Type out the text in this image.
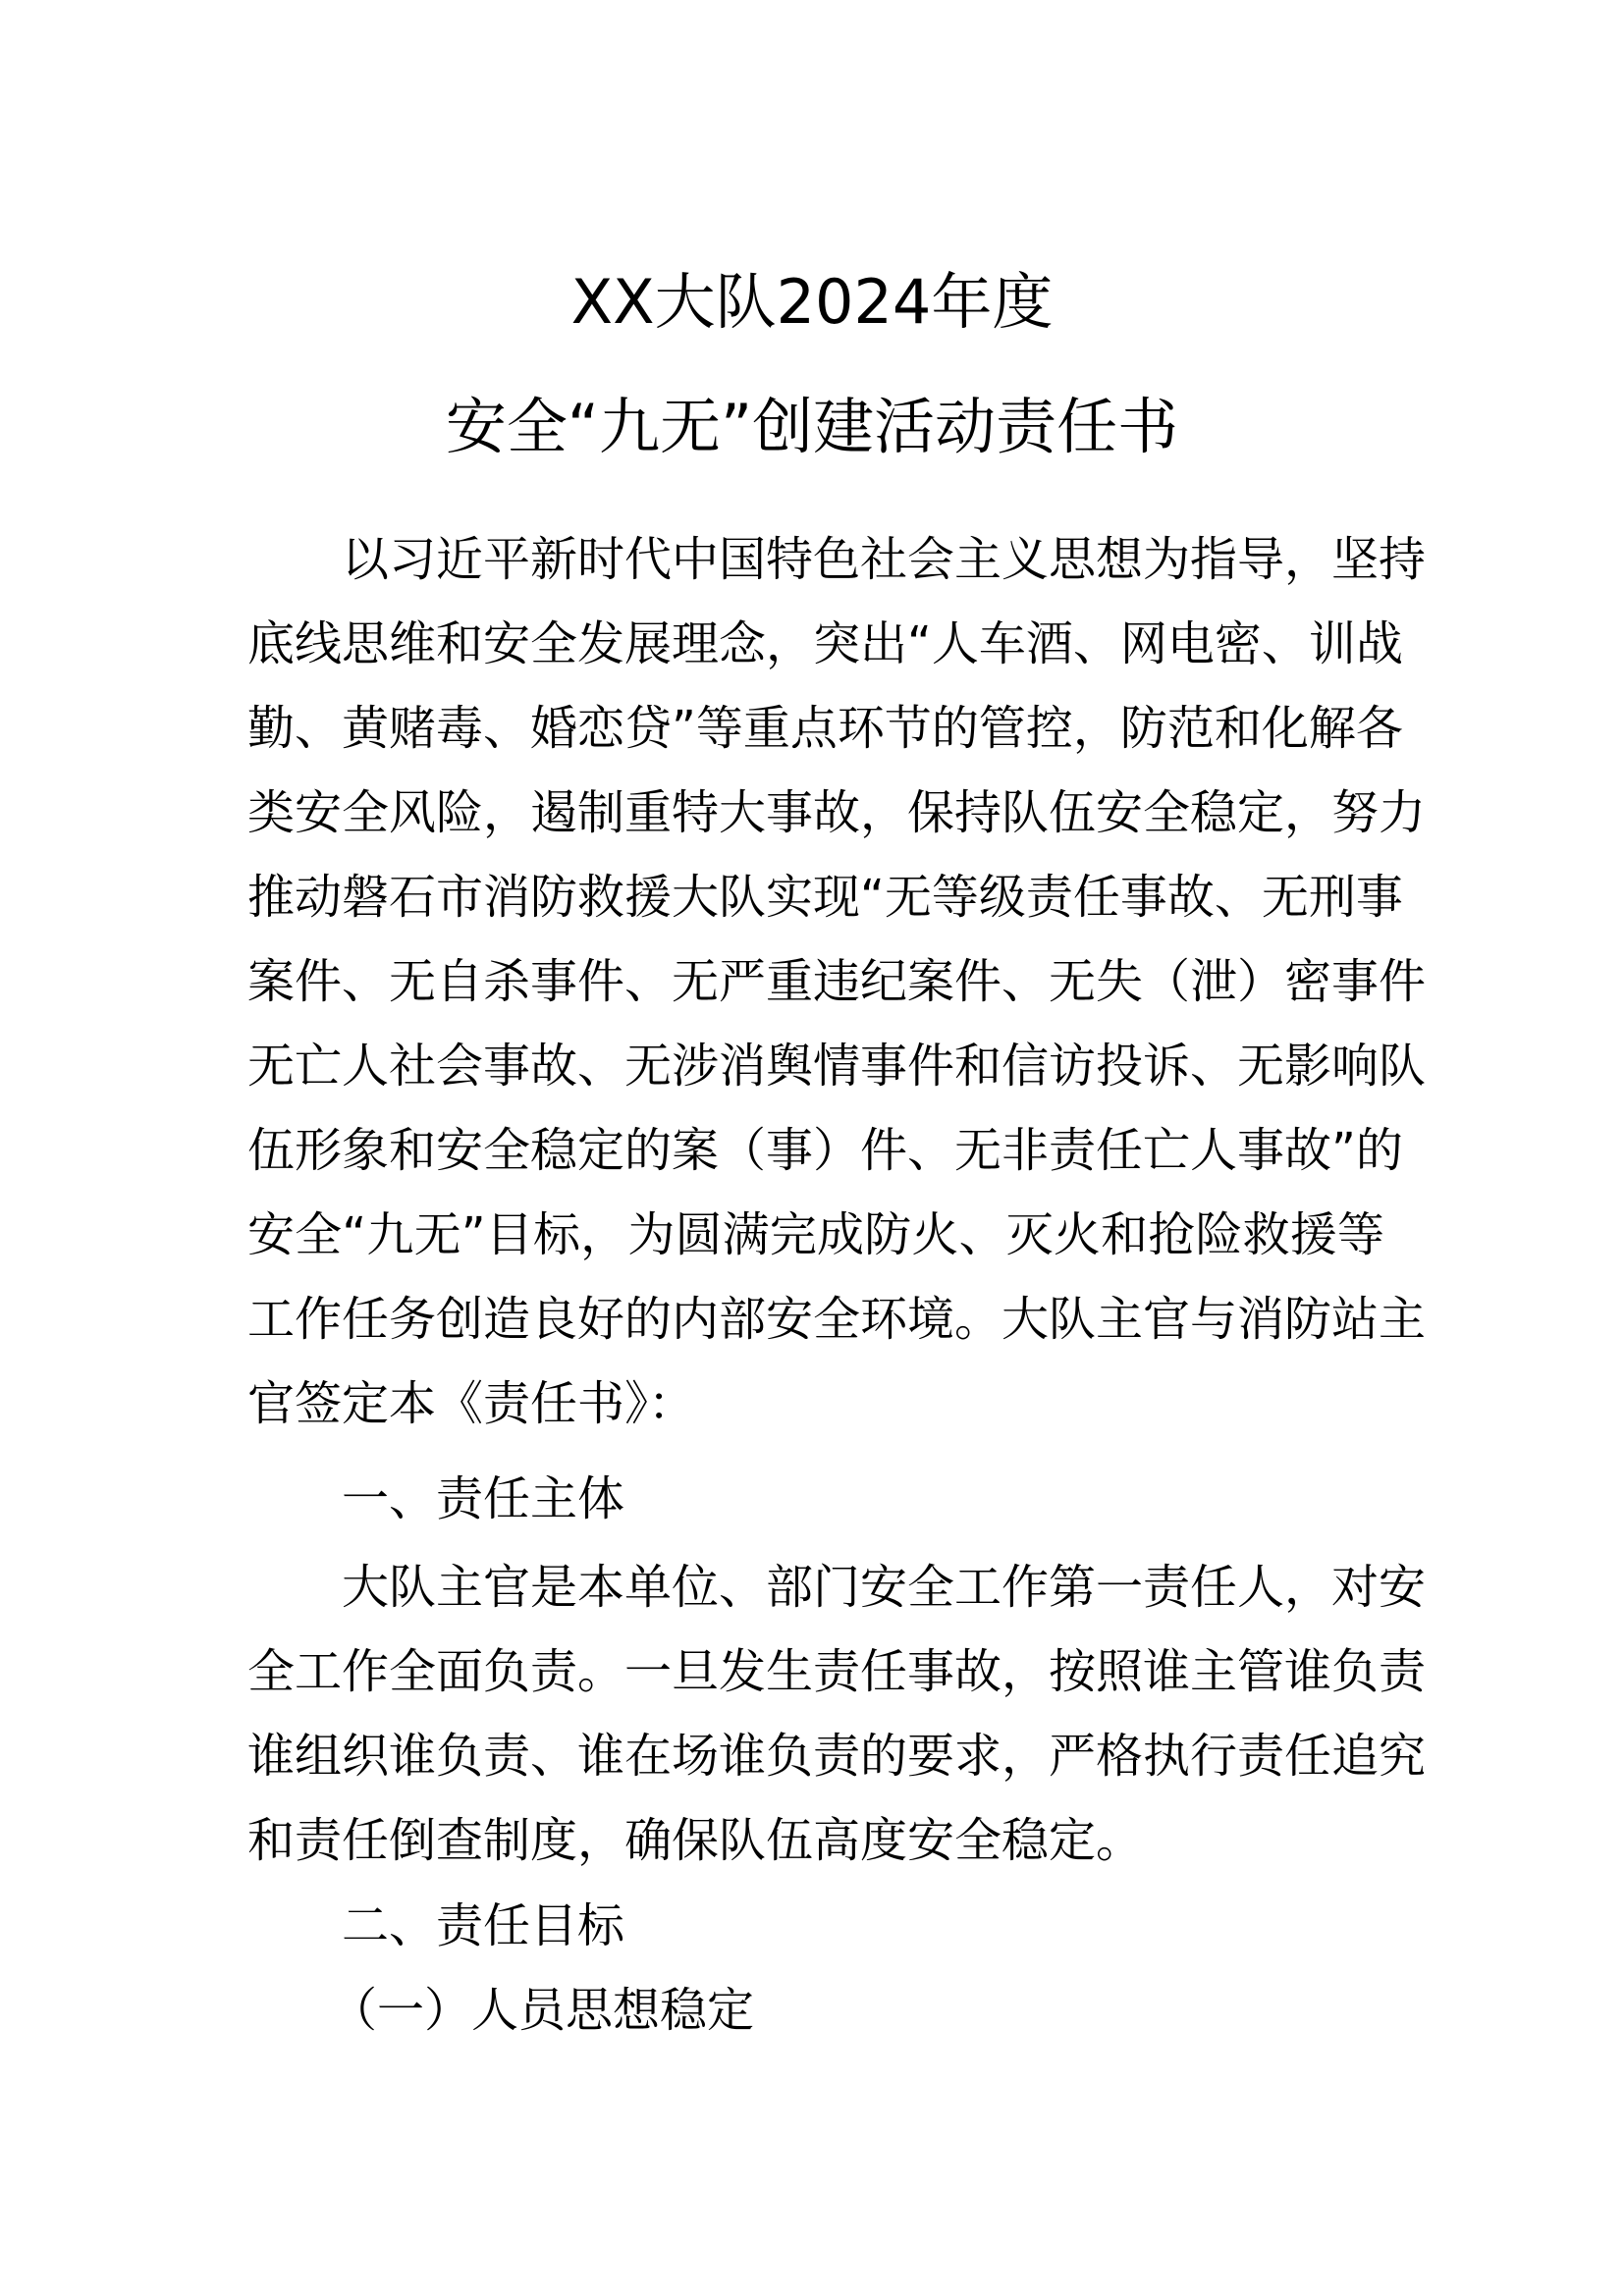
XX大队2024年度
安全“九无”创建活动责任书
以习近平新时代中国特色社会主义思想为指导，坚持
底线思维和安全发展理念，突出“人车酒、网电密、训战
勤、黄赌毒、婚恋贷”等重点环节的管控，防范和化解各
类安全风险，遏制重特大事故，保持队伍安全稳定，努力
推动磐石市消防救援大队实现“无等级责任事故、无刑事
案件、无自杀事件、无严重违纪案件、无失（泄）密事件
无亡人社会事故、无涉消舆情事件和信访投诉、无影响队
伍形象和安全稳定的案（事）件、无非责任亡人事故”的
安全“九无”目标，为圆满完成防火、灭火和抢险救援等
工作任务创造良好的内部安全环境。大队主官与消防站主
官签定本《责任书》：
一、责任主体
大队主官是本单位、部门安全工作第一责任人，对安
全工作全面负责。一旦发生责任事故，按照谁主管谁负责
谁组织谁负责、谁在场谁负责的要求，严格执行责任追究
和责任倒查制度，确保队伍高度安全稳定。
二、责任目标
（一）人员思想稳定
